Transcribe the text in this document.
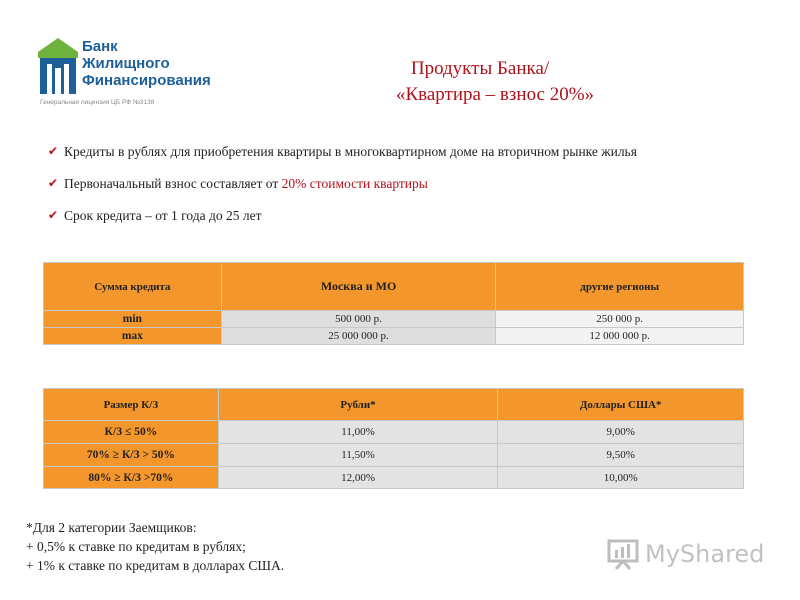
Банк
Жилищного
Финансирования
Генеральная лицензия ЦБ РФ №3138
Продукты Банка/
«Квартира – взнос 20%»
✔ Кредиты в рублях для приобретения квартиры в многоквартирном доме на вторичном рынке жилья
✔ Первоначальный взнос составляет от 20% стоимости квартиры
✔ Срок кредита – от 1 года до 25 лет
Сумма кредита	Москва и МО	другие регионы
min	500 000 р.	250 000 р.
max	25 000 000 р.	12 000 000 р.
Размер К/З	Рубли*	Доллары США*
К/З ≤ 50%	11,00%	9,00%
70% ≥ К/З > 50%	11,50%	9,50%
80% ≥ К/З >70%	12,00%	10,00%
*Для 2 категории Заемщиков:
+ 0,5% к ставке по кредитам в рублях;
+ 1% к ставке по кредитам в долларах США.	MyShared
